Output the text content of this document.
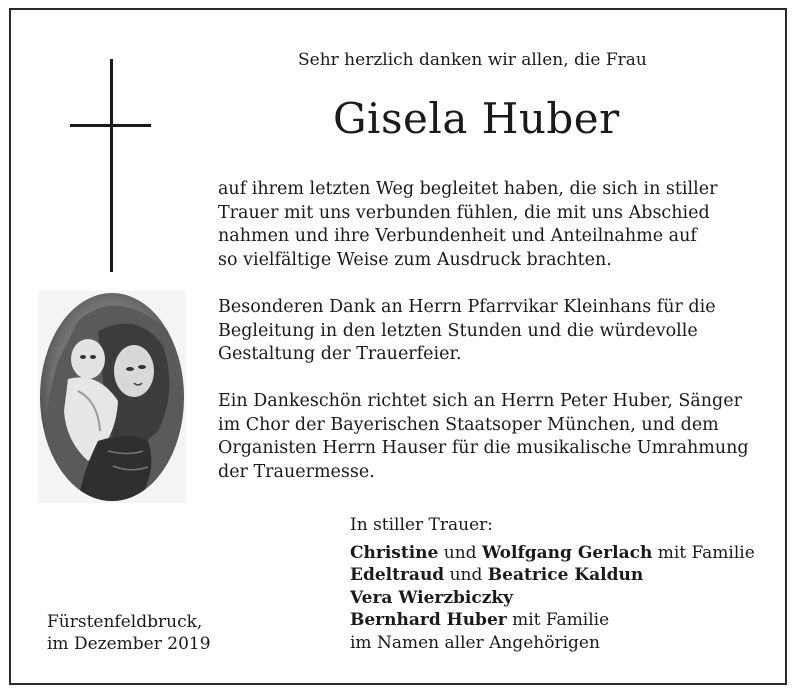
Sehr herzlich danken wir allen, die Frau
Gisela Huber
auf ihrem letzten Weg begleitet haben, die sich in stiller
Trauer mit uns verbunden fühlen, die mit uns Abschied
nahmen und ihre Verbundenheit und Anteilnahme auf
so vielfältige Weise zum Ausdruck brachten.
Besonderen Dank an Herrn Pfarrvikar Kleinhans für die
Begleitung in den letzten Stunden und die würdevolle
Gestaltung der Trauerfeier.
Ein Dankeschön richtet sich an Herrn Peter Huber, Sänger
im Chor der Bayerischen Staatsoper München, und dem
Organisten Herrn Hauser für die musikalische Umrahmung
der Trauermesse.
In stiller Trauer:
Christine und Wolfgang Gerlach mit Familie
Edeltraud und Beatrice Kaldun
Vera Wierzbiczky
Bernhard Huber mit Familie
im Namen aller Angehörigen
Fürstenfeldbruck,
im Dezember 2019
